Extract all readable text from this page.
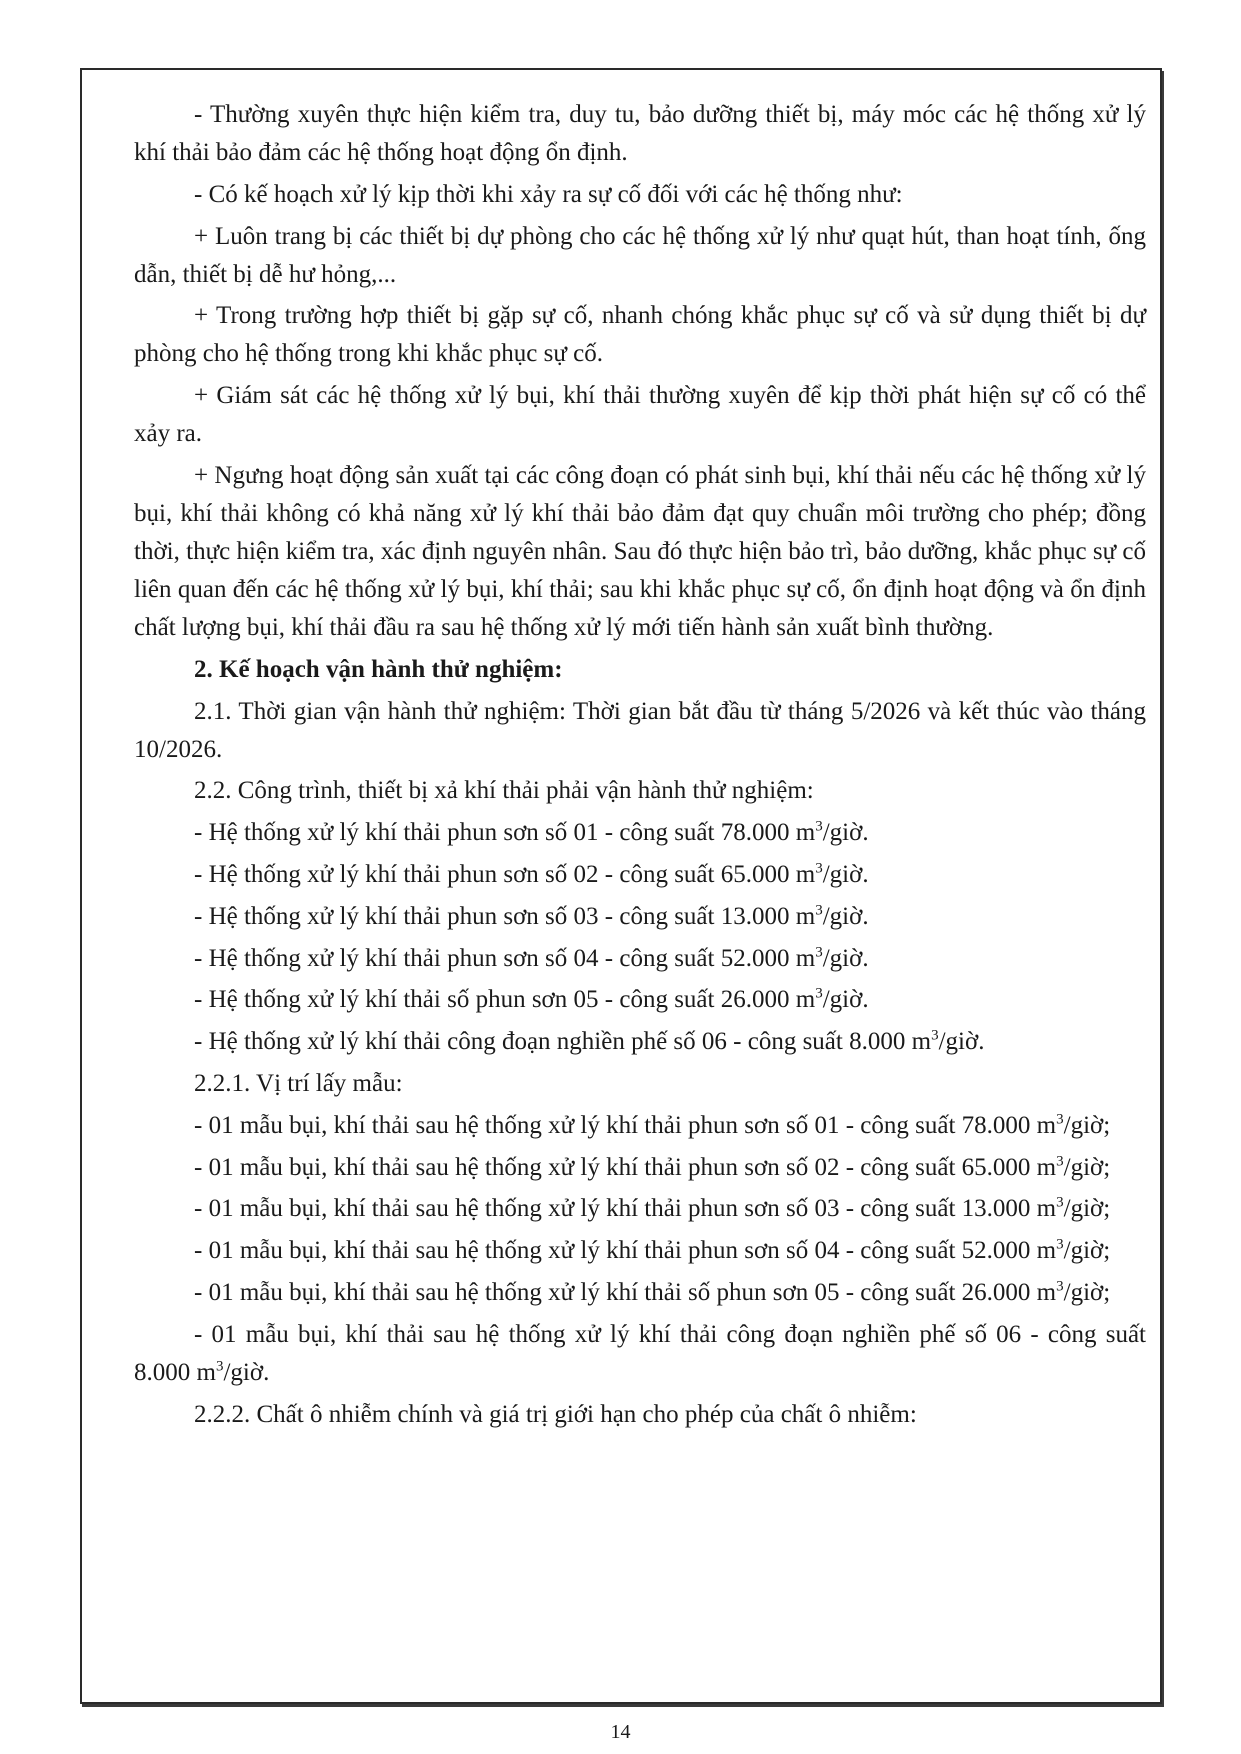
- Thường xuyên thực hiện kiểm tra, duy tu, bảo dưỡng thiết bị, máy móc các hệ thống xử lý khí thải bảo đảm các hệ thống hoạt động ổn định.

- Có kế hoạch xử lý kịp thời khi xảy ra sự cố đối với các hệ thống như:

+ Luôn trang bị các thiết bị dự phòng cho các hệ thống xử lý như quạt hút, than hoạt tính, ống dẫn, thiết bị dễ hư hỏng,...

+ Trong trường hợp thiết bị gặp sự cố, nhanh chóng khắc phục sự cố và sử dụng thiết bị dự phòng cho hệ thống trong khi khắc phục sự cố.

+ Giám sát các hệ thống xử lý bụi, khí thải thường xuyên để kịp thời phát hiện sự cố có thể xảy ra.

+ Ngưng hoạt động sản xuất tại các công đoạn có phát sinh bụi, khí thải nếu các hệ thống xử lý bụi, khí thải không có khả năng xử lý khí thải bảo đảm đạt quy chuẩn môi trường cho phép; đồng thời, thực hiện kiểm tra, xác định nguyên nhân. Sau đó thực hiện bảo trì, bảo dưỡng, khắc phục sự cố liên quan đến các hệ thống xử lý bụi, khí thải; sau khi khắc phục sự cố, ổn định hoạt động và ổn định chất lượng bụi, khí thải đầu ra sau hệ thống xử lý mới tiến hành sản xuất bình thường.

2. Kế hoạch vận hành thử nghiệm:

2.1. Thời gian vận hành thử nghiệm: Thời gian bắt đầu từ tháng 5/2026 và kết thúc vào tháng 10/2026.

2.2. Công trình, thiết bị xả khí thải phải vận hành thử nghiệm:

- Hệ thống xử lý khí thải phun sơn số 01 - công suất 78.000 $m^3$/giờ.

- Hệ thống xử lý khí thải phun sơn số 02 - công suất 65.000 $m^3$/giờ.

- Hệ thống xử lý khí thải phun sơn số 03 - công suất 13.000 $m^3$/giờ.

- Hệ thống xử lý khí thải phun sơn số 04 - công suất 52.000 $m^3$/giờ.

- Hệ thống xử lý khí thải số phun sơn 05 - công suất 26.000 $m^3$/giờ.

- Hệ thống xử lý khí thải công đoạn nghiền phế số 06 - công suất 8.000 $m^3$/giờ.

2.2.1. Vị trí lấy mẫu:

- 01 mẫu bụi, khí thải sau hệ thống xử lý khí thải phun sơn số 01 - công suất 78.000 $m^3$/giờ;

- 01 mẫu bụi, khí thải sau hệ thống xử lý khí thải phun sơn số 02 - công suất 65.000 $m^3$/giờ;

- 01 mẫu bụi, khí thải sau hệ thống xử lý khí thải phun sơn số 03 - công suất 13.000 $m^3$/giờ;

- 01 mẫu bụi, khí thải sau hệ thống xử lý khí thải phun sơn số 04 - công suất 52.000 $m^3$/giờ;

- 01 mẫu bụi, khí thải sau hệ thống xử lý khí thải số phun sơn 05 - công suất 26.000 $m^3$/giờ;

- 01 mẫu bụi, khí thải sau hệ thống xử lý khí thải công đoạn nghiền phế số 06 - công suất 8.000 $m^3$/giờ.

2.2.2. Chất ô nhiễm chính và giá trị giới hạn cho phép của chất ô nhiễm:

14
